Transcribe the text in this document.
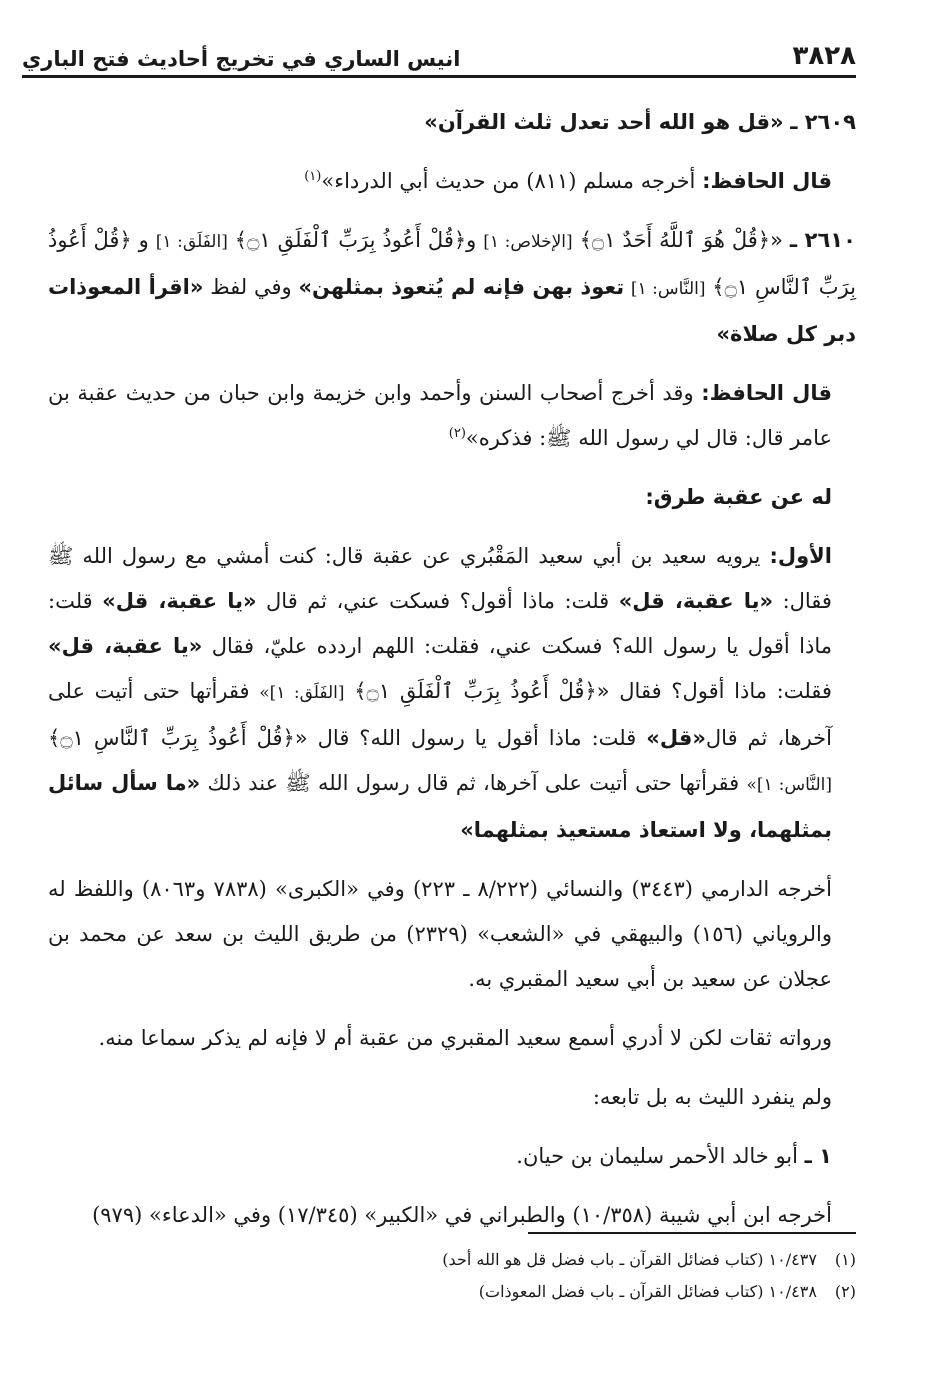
٣٨٢٨
انيس الساري في تخريج أحاديث فتح الباري

٢٦٠٩ ـ «قل هو الله أحد تعدل ثلث القرآن»

قال الحافظ: أخرجه مسلم (٨١١) من حديث أبي الدرداء»$^{(١)}$

٢٦١٠ ـ «﴿قُلْ هُوَ ٱللَّهُ أَحَدٌ ۝١﴾ [الإخلاص: ١] و﴿قُلْ أَعُوذُ بِرَبِّ ٱلْفَلَقِ ۝١﴾ [الفَلَق: ١] و ﴿قُلْ أَعُوذُ بِرَبِّ ٱلنَّاسِ ۝١﴾ [النَّاس: ١] تعوذ بهن فإنه لم يُتعوذ بمثلهن» وفي لفظ «اقرأ المعوذات دبر كل صلاة»

قال الحافظ: وقد أخرج أصحاب السنن وأحمد وابن خزيمة وابن حبان من حديث عقبة بن عامر قال: قال لي رسول الله ﷺ: فذكره»$^{(٢)}$

له عن عقبة طرق:

الأول: يرويه سعيد بن أبي سعيد المَقْبُري عن عقبة قال: كنت أمشي مع رسول الله ﷺ فقال: «يا عقبة، قل» قلت: ماذا أقول؟ فسكت عني، ثم قال «يا عقبة، قل» قلت: ماذا أقول يا رسول الله؟ فسكت عني، فقلت: اللهم اردده عليّ، فقال «يا عقبة، قل» فقلت: ماذا أقول؟ فقال «﴿قُلْ أَعُوذُ بِرَبِّ ٱلْفَلَقِ ۝١﴾ [الفَلَق: ١]» فقرأتها حتى أتيت على آخرها، ثم قال«قل» قلت: ماذا أقول يا رسول الله؟ قال «﴿قُلْ أَعُوذُ بِرَبِّ ٱلنَّاسِ ۝١﴾ [النَّاس: ١]» فقرأتها حتى أتيت على آخرها، ثم قال رسول الله ﷺ عند ذلك «ما سأل سائل بمثلهما، ولا استعاذ مستعيذ بمثلهما»

أخرجه الدارمي (٣٤٤٣) والنسائي (٨/٢٢٢ ـ ٢٢٣) وفي «الكبرى» (٧٨٣٨ و٨٠٦٣) واللفظ له والروياني (١٥٦) والبيهقي في «الشعب» (٢٣٢٩) من طريق الليث بن سعد عن محمد بن عجلان عن سعيد بن أبي سعيد المقبري به.

ورواته ثقات لكن لا أدري أسمع سعيد المقبري من عقبة أم لا فإنه لم يذكر سماعا منه.

ولم ينفرد الليث به بل تابعه:

١ ـ أبو خالد الأحمر سليمان بن حيان.

أخرجه ابن أبي شيبة (١٠/٣٥٨) والطبراني في «الكبير» (١٧/٣٤٥) وفي «الدعاء» (٩٧٩)

(١) ١٠/٤٣٧ (كتاب فضائل القرآن ـ باب فضل قل هو الله أحد)
(٢) ١٠/٤٣٨ (كتاب فضائل القرآن ـ باب فضل المعوذات)
